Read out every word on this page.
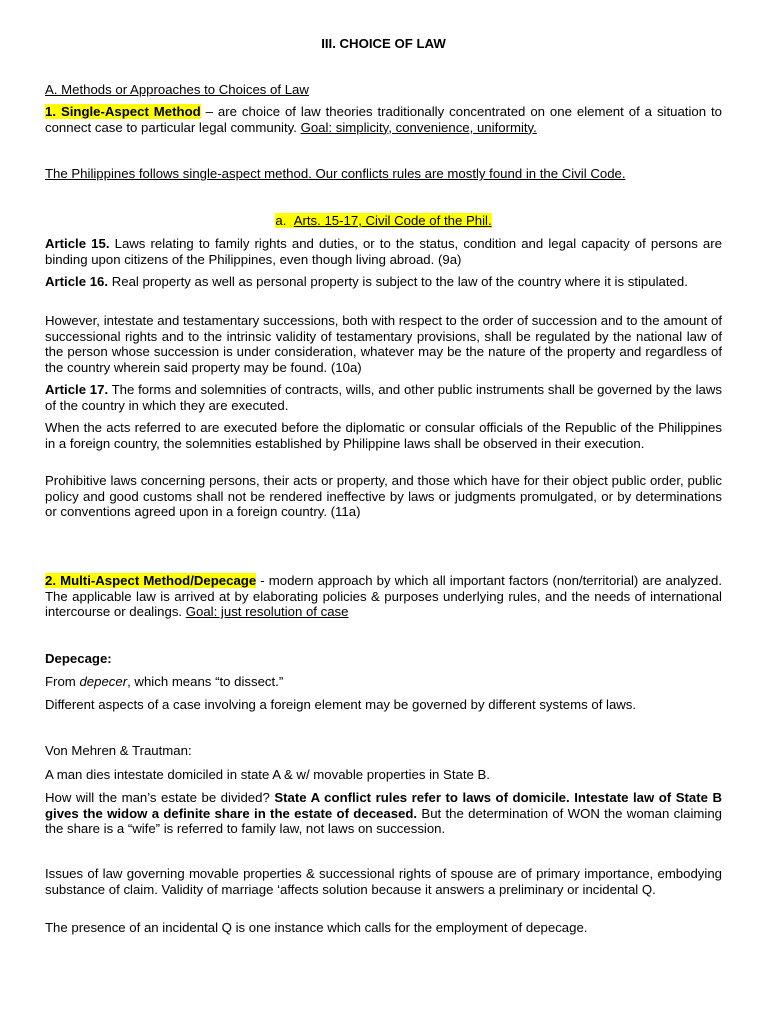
III. CHOICE OF LAW
A. Methods or Approaches to Choices of Law
1. Single-Aspect Method – are choice of law theories traditionally concentrated on one element of a situation to connect case to particular legal community. Goal: simplicity, convenience, uniformity.
The Philippines follows single-aspect method. Our conflicts rules are mostly found in the Civil Code.
a. Arts. 15-17, Civil Code of the Phil.
Article 15. Laws relating to family rights and duties, or to the status, condition and legal capacity of persons are binding upon citizens of the Philippines, even though living abroad. (9a)
Article 16. Real property as well as personal property is subject to the law of the country where it is stipulated.
However, intestate and testamentary successions, both with respect to the order of succession and to the amount of successional rights and to the intrinsic validity of testamentary provisions, shall be regulated by the national law of the person whose succession is under consideration, whatever may be the nature of the property and regardless of the country wherein said property may be found. (10a)
Article 17. The forms and solemnities of contracts, wills, and other public instruments shall be governed by the laws of the country in which they are executed.
When the acts referred to are executed before the diplomatic or consular officials of the Republic of the Philippines in a foreign country, the solemnities established by Philippine laws shall be observed in their execution.
Prohibitive laws concerning persons, their acts or property, and those which have for their object public order, public policy and good customs shall not be rendered ineffective by laws or judgments promulgated, or by determinations or conventions agreed upon in a foreign country. (11a)
2. Multi-Aspect Method/Depecage - modern approach by which all important factors (non/territorial) are analyzed. The applicable law is arrived at by elaborating policies & purposes underlying rules, and the needs of international intercourse or dealings. Goal: just resolution of case
Depecage:
From depecer, which means “to dissect.”
Different aspects of a case involving a foreign element may be governed by different systems of laws.
Von Mehren & Trautman:
A man dies intestate domiciled in state A & w/ movable properties in State B.
How will the man’s estate be divided? State A conflict rules refer to laws of domicile. Intestate law of State B gives the widow a definite share in the estate of deceased. But the determination of WON the woman claiming the share is a “wife” is referred to family law, not laws on succession.
Issues of law governing movable properties & successional rights of spouse are of primary importance, embodying substance of claim. Validity of marriage ‘affects solution because it answers a preliminary or incidental Q.
The presence of an incidental Q is one instance which calls for the employment of depecage.
